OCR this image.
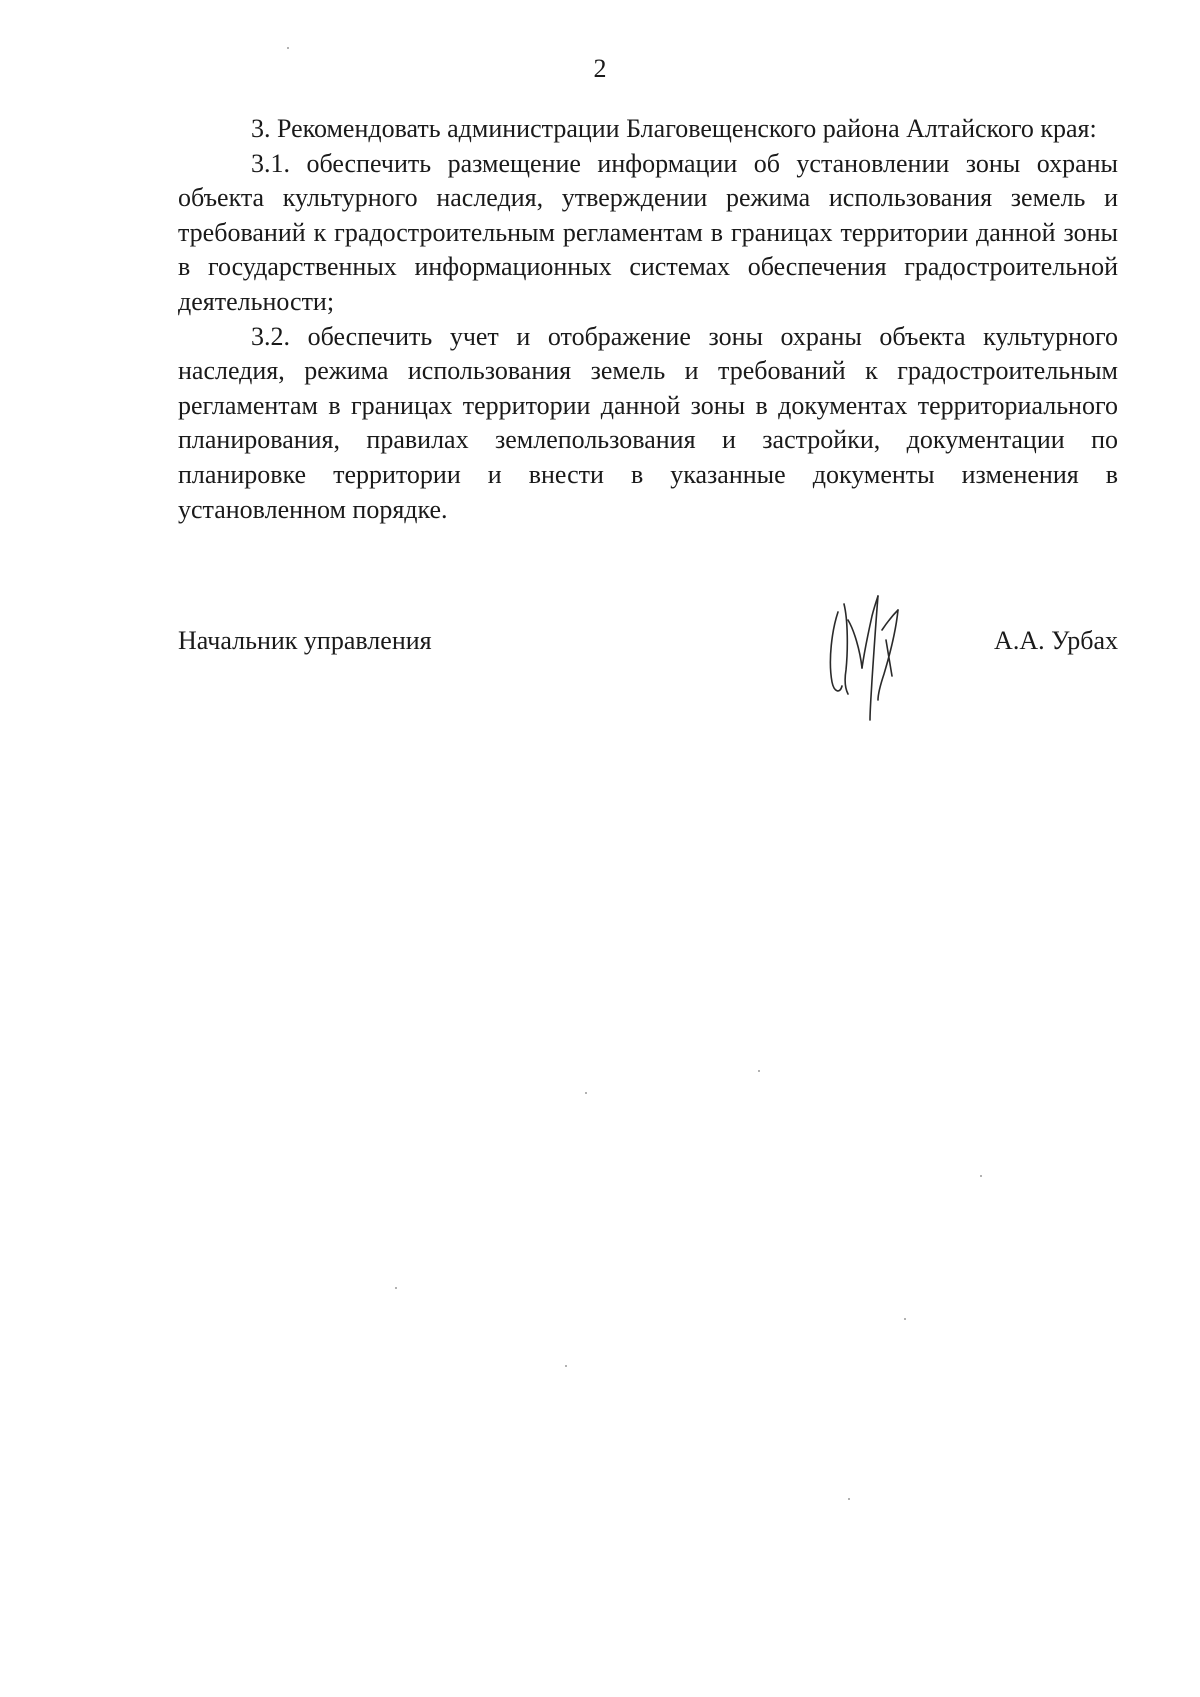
2

3. Рекомендовать администрации Благовещенского района Алтайского края:

3.1. обеспечить размещение информации об установлении зоны охраны объекта культурного наследия, утверждении режима использования земель и требований к градостроительным регламентам в границах территории данной зоны в государственных информационных системах обеспечения градостроительной деятельности;

3.2. обеспечить учет и отображение зоны охраны объекта культурного наследия, режима использования земель и требований к градостроительным регламентам в границах территории данной зоны в документах территориального планирования, правилах землепользования и застройки, документации по планировке территории и внести в указанные документы изменения в установленном порядке.

Начальник управления	А.А. Урбах
